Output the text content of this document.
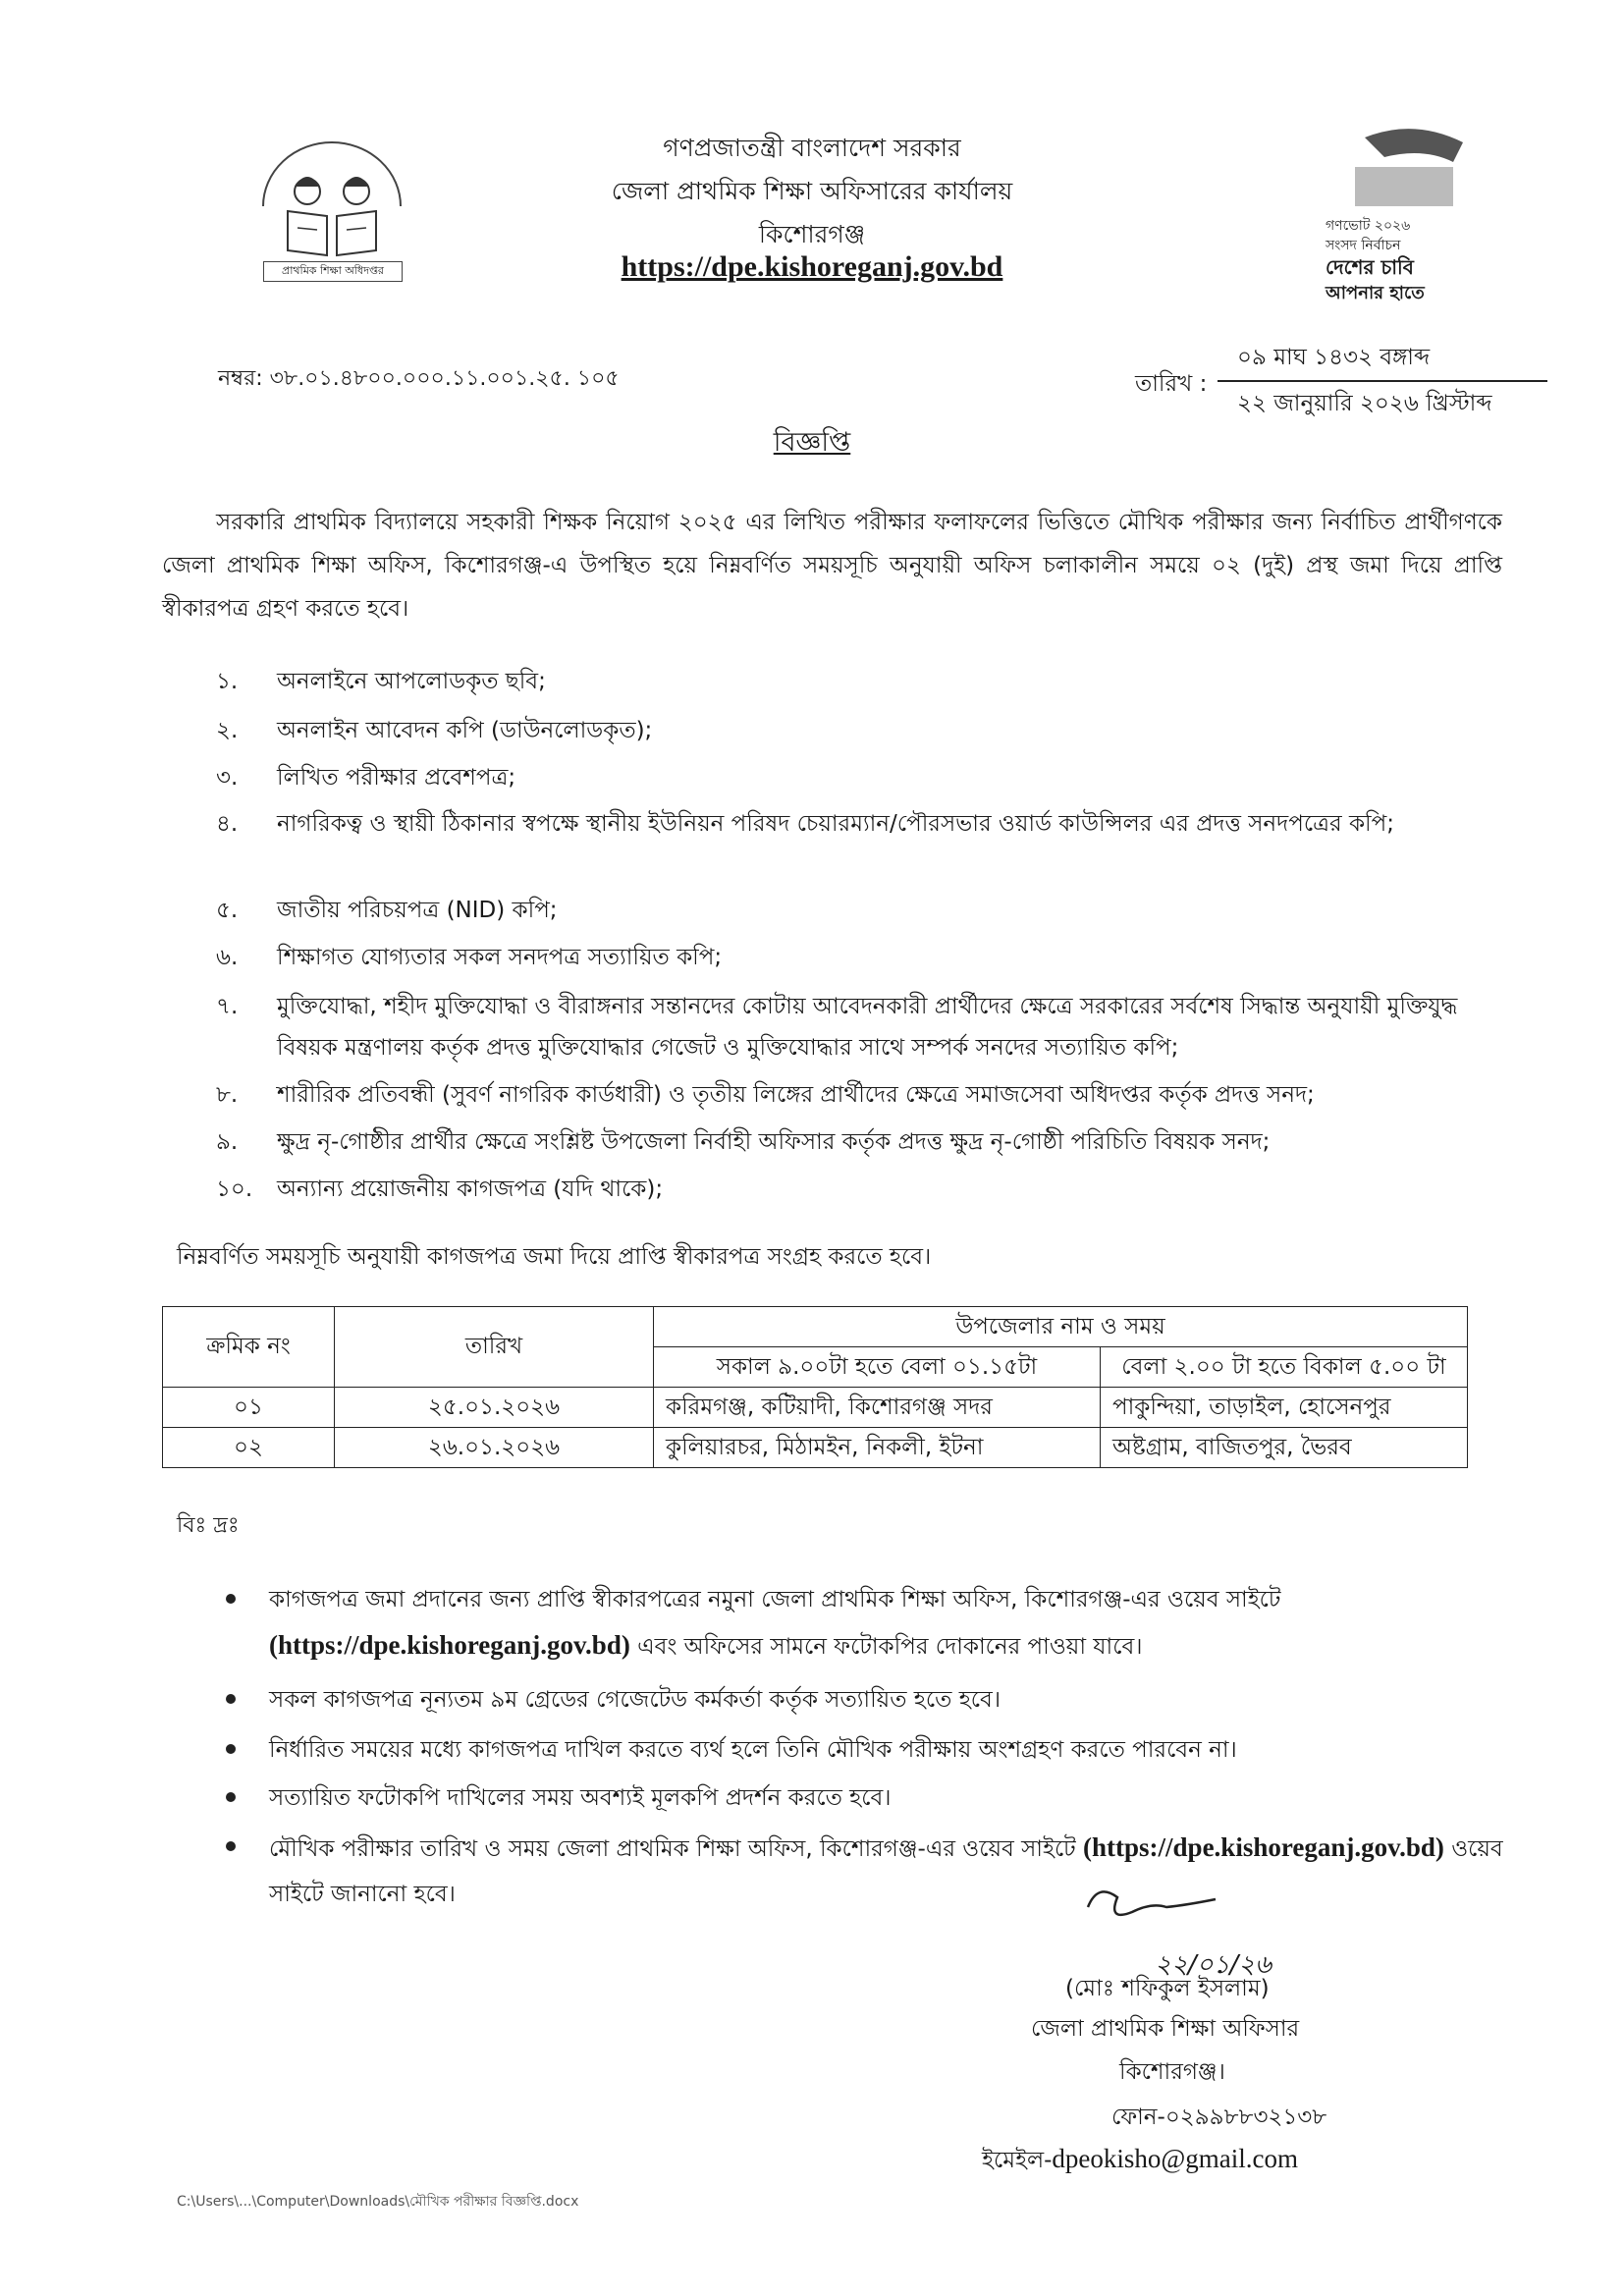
প্রাথমিক শিক্ষা অধিদপ্তর
গণপ্রজাতন্ত্রী বাংলাদেশ সরকার
জেলা প্রাথমিক শিক্ষা অফিসারের কার্যালয়
কিশোরগঞ্জ
https://dpe.kishoreganj.gov.bd
গণভোট ২০২৬
সংসদ নির্বাচন
দেশের চাবি
আপনার হাতে
নম্বর: ৩৮.০১.৪৮০০.০০০.১১.০০১.২৫. ১০৫	তারিখ :
০৯ মাঘ ১৪৩২ বঙ্গাব্দ
২২ জানুয়ারি ২০২৬ খ্রিস্টাব্দ
বিজ্ঞপ্তি
সরকারি প্রাথমিক বিদ্যালয়ে সহকারী শিক্ষক নিয়োগ ২০২৫ এর লিখিত পরীক্ষার ফলাফলের ভিত্তিতে মৌখিক পরীক্ষার জন্য নির্বাচিত প্রার্থীগণকে জেলা প্রাথমিক শিক্ষা অফিস, কিশোরগঞ্জ-এ উপস্থিত হয়ে নিম্নবর্ণিত সময়সূচি অনুযায়ী অফিস চলাকালীন সময়ে ০২ (দুই) প্রস্থ জমা দিয়ে প্রাপ্তি স্বীকারপত্র গ্রহণ করতে হবে।
১.	অনলাইনে আপলোডকৃত ছবি;
২.	অনলাইন আবেদন কপি (ডাউনলোডকৃত);
৩.	লিখিত পরীক্ষার প্রবেশপত্র;
৪.	নাগরিকত্ব ও স্থায়ী ঠিকানার স্বপক্ষে স্থানীয় ইউনিয়ন পরিষদ চেয়ারম্যান/পৌরসভার ওয়ার্ড কাউন্সিলর এর প্রদত্ত সনদপত্রের কপি;
৫.	জাতীয় পরিচয়পত্র (NID) কপি;
৬.	শিক্ষাগত যোগ্যতার সকল সনদপত্র সত্যায়িত কপি;
৭.	মুক্তিযোদ্ধা, শহীদ মুক্তিযোদ্ধা ও বীরাঙ্গনার সন্তানদের কোটায় আবেদনকারী প্রার্থীদের ক্ষেত্রে সরকারের সর্বশেষ সিদ্ধান্ত অনুযায়ী মুক্তিযুদ্ধ বিষয়ক মন্ত্রণালয় কর্তৃক প্রদত্ত মুক্তিযোদ্ধার গেজেট ও মুক্তিযোদ্ধার সাথে সম্পর্ক সনদের সত্যায়িত কপি;
৮.	শারীরিক প্রতিবন্ধী (সুবর্ণ নাগরিক কার্ডধারী) ও তৃতীয় লিঙ্গের প্রার্থীদের ক্ষেত্রে সমাজসেবা অধিদপ্তর কর্তৃক প্রদত্ত সনদ;
৯.	ক্ষুদ্র নৃ-গোষ্ঠীর প্রার্থীর ক্ষেত্রে সংশ্লিষ্ট উপজেলা নির্বাহী অফিসার কর্তৃক প্রদত্ত ক্ষুদ্র নৃ-গোষ্ঠী পরিচিতি বিষয়ক সনদ;
১০.	অন্যান্য প্রয়োজনীয় কাগজপত্র (যদি থাকে);
নিম্নবর্ণিত সময়সূচি অনুযায়ী কাগজপত্র জমা দিয়ে প্রাপ্তি স্বীকারপত্র সংগ্রহ করতে হবে।
ক্রমিক নং	তারিখ	উপজেলার নাম ও সময়	
		সকাল ৯.০০টা হতে বেলা ০১.১৫টা	বেলা ২.০০ টা হতে বিকাল ৫.০০ টা
০১	২৫.০১.২০২৬	করিমগঞ্জ, কটিয়াদী, কিশোরগঞ্জ সদর	পাকুন্দিয়া, তাড়াইল, হোসেনপুর
০২	২৬.০১.২০২৬	কুলিয়ারচর, মিঠামইন, নিকলী, ইটনা	অষ্টগ্রাম, বাজিতপুর, ভৈরব
বিঃ দ্রঃ
কাগজপত্র জমা প্রদানের জন্য প্রাপ্তি স্বীকারপত্রের নমুনা জেলা প্রাথমিক শিক্ষা অফিস, কিশোরগঞ্জ-এর ওয়েব সাইটে (https://dpe.kishoreganj.gov.bd) এবং অফিসের সামনে ফটোকপির দোকানের পাওয়া যাবে।
সকল কাগজপত্র নূন্যতম ৯ম গ্রেডের গেজেটেড কর্মকর্তা কর্তৃক সত্যায়িত হতে হবে।
নির্ধারিত সময়ের মধ্যে কাগজপত্র দাখিল করতে ব্যর্থ হলে তিনি মৌখিক পরীক্ষায় অংশগ্রহণ করতে পারবেন না।
সত্যায়িত ফটোকপি দাখিলের সময় অবশ্যই মূলকপি প্রদর্শন করতে হবে।
মৌখিক পরীক্ষার তারিখ ও সময় জেলা প্রাথমিক শিক্ষা অফিস, কিশোরগঞ্জ-এর ওয়েব সাইটে (https://dpe.kishoreganj.gov.bd) ওয়েব সাইটে জানানো হবে।
২২/০১/২৬
(মোঃ শফিকুল ইসলাম)
জেলা প্রাথমিক শিক্ষা অফিসার
কিশোরগঞ্জ।
ফোন-০২৯৯৮৮৩২১৩৮
ইমেইল-dpeokisho@gmail.com
C:\Users\...\Computer\Downloads\মৌখিক পরীক্ষার বিজ্ঞপ্তি.docx
